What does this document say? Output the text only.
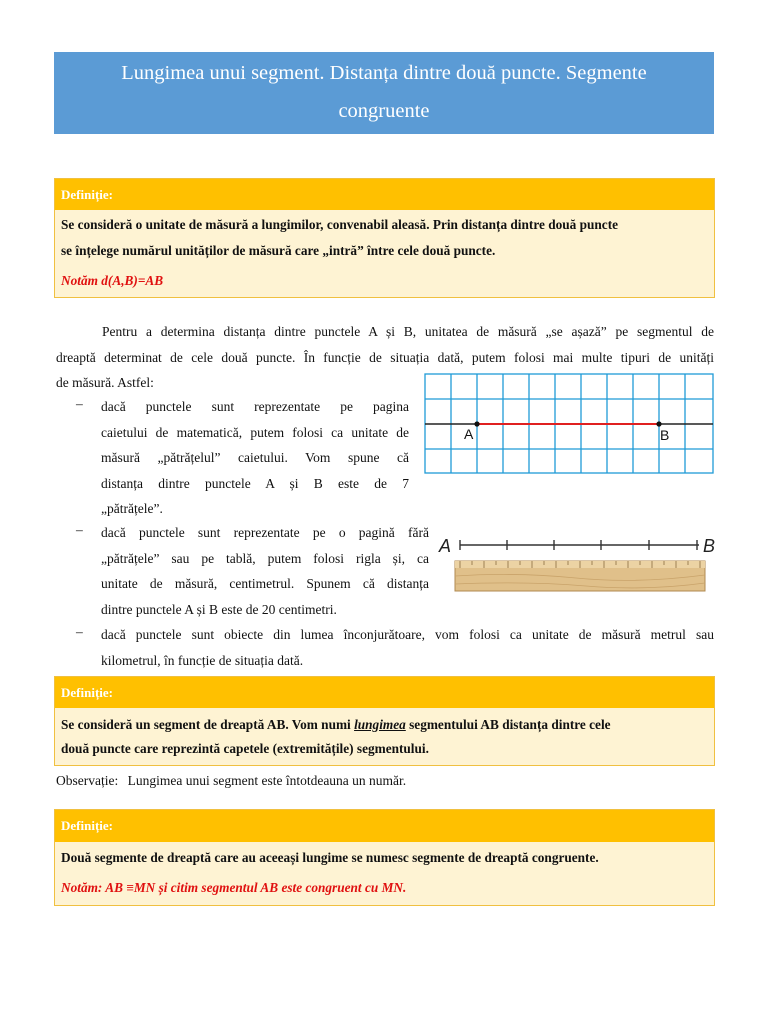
Lungimea unui segment. Distanța dintre două puncte. Segmente
congruente
Definiție:
Se consideră o unitate de măsură a lungimilor, convenabil aleasă. Prin distanța dintre două puncte
se înțelege numărul unităților de măsură care „intră” între cele două puncte.
Notăm d(A,B)=AB
Pentru a determina distanța dintre punctele A și B, unitatea de măsură „se așază” pe segmentul de
dreaptă determinat de cele două puncte. În funcție de situația dată, putem folosi mai multe tipuri de unități
de măsură. Astfel:
– dacă punctele sunt reprezentate pe pagina
caietului de matematică, putem folosi ca unitate de
măsură „pătrățelul” caietului. Vom spune că
distanța dintre punctele A și B este de 7
„pătrățele”.
A	B
– dacă punctele sunt reprezentate pe o pagină fără
„pătrățele” sau pe tablă, putem folosi rigla și, ca
unitate de măsură, centimetrul. Spunem că distanța
dintre punctele A și B este de 20 centimetri.
A	B
– dacă punctele sunt obiecte din lumea înconjurătoare, vom folosi ca unitate de măsură metrul sau
kilometrul, în funcție de situația dată.
Definiție:
Se consideră un segment de dreaptă AB. Vom numi lungimea segmentului AB distanța dintre cele
două puncte care reprezintă capetele (extremitățile) segmentului.
Observație: Lungimea unui segment este întotdeauna un număr.
Definiție:
Două segmente de dreaptă care au aceeași lungime se numesc segmente de dreaptă congruente.
Notăm: AB ≡MN și citim segmentul AB este congruent cu MN.
